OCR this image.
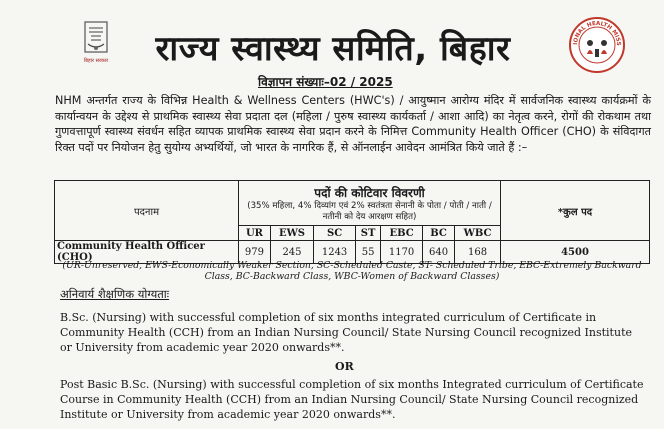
बिहार सरकार	राज्य स्वास्थ्य समिति, बिहार	IONAL HEALTH MISS
विज्ञापन संख्याः–02 / 2025
NHM अन्तर्गत राज्य के विभिन्न Health & Wellness Centers (HWC's) / आयुष्मान आरोग्य मंदिर में सार्वजनिक स्वास्थ्य कार्यक्रमों के कार्यान्वयन के उद्देश्य से प्राथमिक स्वास्थ्य सेवा प्रदाता दल (महिला / पुरुष स्वास्थ्य कार्यकर्ता / आशा आदि) का नेतृत्व करने, रोगों की रोकथाम तथा गुणवत्तापूर्ण स्वास्थ्य संवर्धन सहित व्यापक प्राथमिक स्वास्थ्य सेवा प्रदान करने के निमित्त Community Health Officer (CHO) के संविदागत रिक्त पदों पर नियोजन हेतु सुयोग्य अभ्यर्थियों, जो भारत के नागरिक हैं, से ऑनलाईन आवेदन आमंत्रित किये जाते हैं :–
पदनाम	पदों की कोटिवार विवरणी
(35% महिला, 4% दिव्यांग एवं 2% स्वतंत्रता सेनानी के पोता / पोती / नाती / नतीनी को देय आरक्षण सहित)							*कुल पद
	UR	EWS	SC	ST	EBC	BC	WBC	
Community Health Officer (CHO)	979	245	1243	55	1170	640	168	4500
(UR-Unreserved, EWS-Economically Weaker Section, SC-Scheduled Caste, ST- Scheduled Tribe, EBC-Extremely Backward Class, BC-Backward Class, WBC-Women of Backward Classes)
अनिवार्य शैक्षणिक योग्यताः
B.Sc. (Nursing) with successful completion of six months integrated curriculum of Certificate in Community Health (CCH) from an Indian Nursing Council/ State Nursing Council recognized Institute or University from academic year 2020 onwards**.
OR
Post Basic B.Sc. (Nursing) with successful completion of six months Integrated curriculum of Certificate Course in Community Health (CCH) from an Indian Nursing Council/ State Nursing Council recognized Institute or University from academic year 2020 onwards**.
